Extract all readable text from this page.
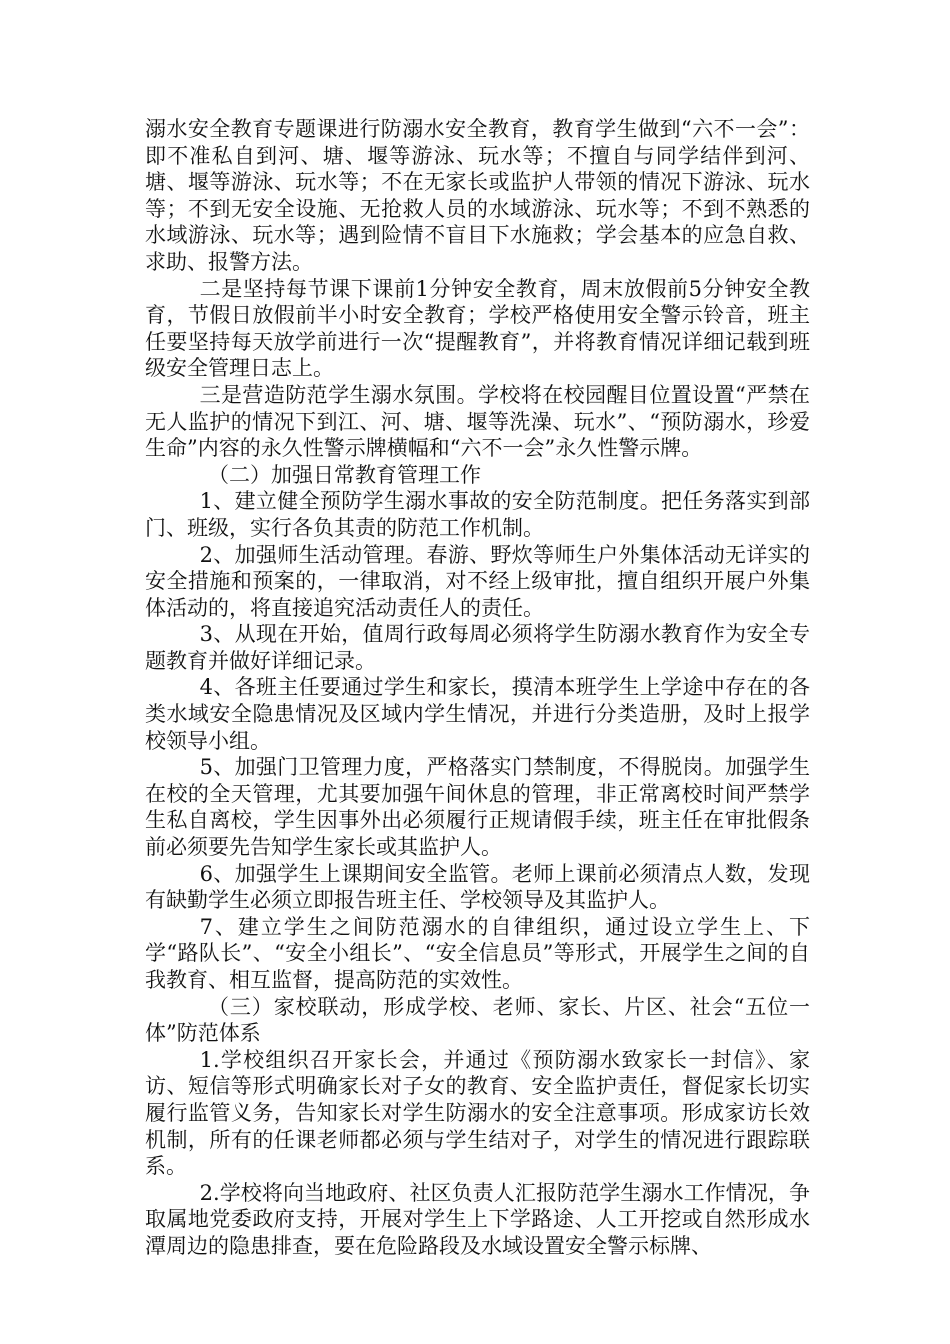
溺水安全教育专题课进行防溺水安全教育，教育学生做到“六不一会”：即不准私自到河、塘、堰等游泳、玩水等；不擅自与同学结伴到河、塘、堰等游泳、玩水等；不在无家长或监护人带领的情况下游泳、玩水等；不到无安全设施、无抢救人员的水域游泳、玩水等；不到不熟悉的水域游泳、玩水等；遇到险情不盲目下水施救；学会基本的应急自救、求助、报警方法。

二是坚持每节课下课前1分钟安全教育，周末放假前5分钟安全教育，节假日放假前半小时安全教育；学校严格使用安全警示铃音，班主任要坚持每天放学前进行一次“提醒教育”，并将教育情况详细记载到班级安全管理日志上。

三是营造防范学生溺水氛围。学校将在校园醒目位置设置“严禁在无人监护的情况下到江、河、塘、堰等洗澡、玩水”、“预防溺水，珍爱生命”内容的永久性警示牌横幅和“六不一会”永久性警示牌。

（二）加强日常教育管理工作

1、建立健全预防学生溺水事故的安全防范制度。把任务落实到部门、班级，实行各负其责的防范工作机制。

2、加强师生活动管理。春游、野炊等师生户外集体活动无详实的安全措施和预案的，一律取消，对不经上级审批，擅自组织开展户外集体活动的，将直接追究活动责任人的责任。

3、从现在开始，值周行政每周必须将学生防溺水教育作为安全专题教育并做好详细记录。

4、各班主任要通过学生和家长，摸清本班学生上学途中存在的各类水域安全隐患情况及区域内学生情况，并进行分类造册，及时上报学校领导小组。

5、加强门卫管理力度，严格落实门禁制度，不得脱岗。加强学生在校的全天管理，尤其要加强午间休息的管理，非正常离校时间严禁学生私自离校，学生因事外出必须履行正规请假手续，班主任在审批假条前必须要先告知学生家长或其监护人。

6、加强学生上课期间安全监管。老师上课前必须清点人数，发现有缺勤学生必须立即报告班主任、学校领导及其监护人。

7、建立学生之间防范溺水的自律组织，通过设立学生上、下学“路队长”、“安全小组长”、“安全信息员”等形式，开展学生之间的自我教育、相互监督，提高防范的实效性。

（三）家校联动，形成学校、老师、家长、片区、社会“五位一体”防范体系

1.学校组织召开家长会，并通过《预防溺水致家长一封信》、家访、短信等形式明确家长对子女的教育、安全监护责任，督促家长切实履行监管义务，告知家长对学生防溺水的安全注意事项。形成家访长效机制，所有的任课老师都必须与学生结对子，对学生的情况进行跟踪联系。

2.学校将向当地政府、社区负责人汇报防范学生溺水工作情况，争取属地党委政府支持，开展对学生上下学路途、人工开挖或自然形成水潭周边的隐患排查，要在危险路段及水域设置安全警示标牌、
